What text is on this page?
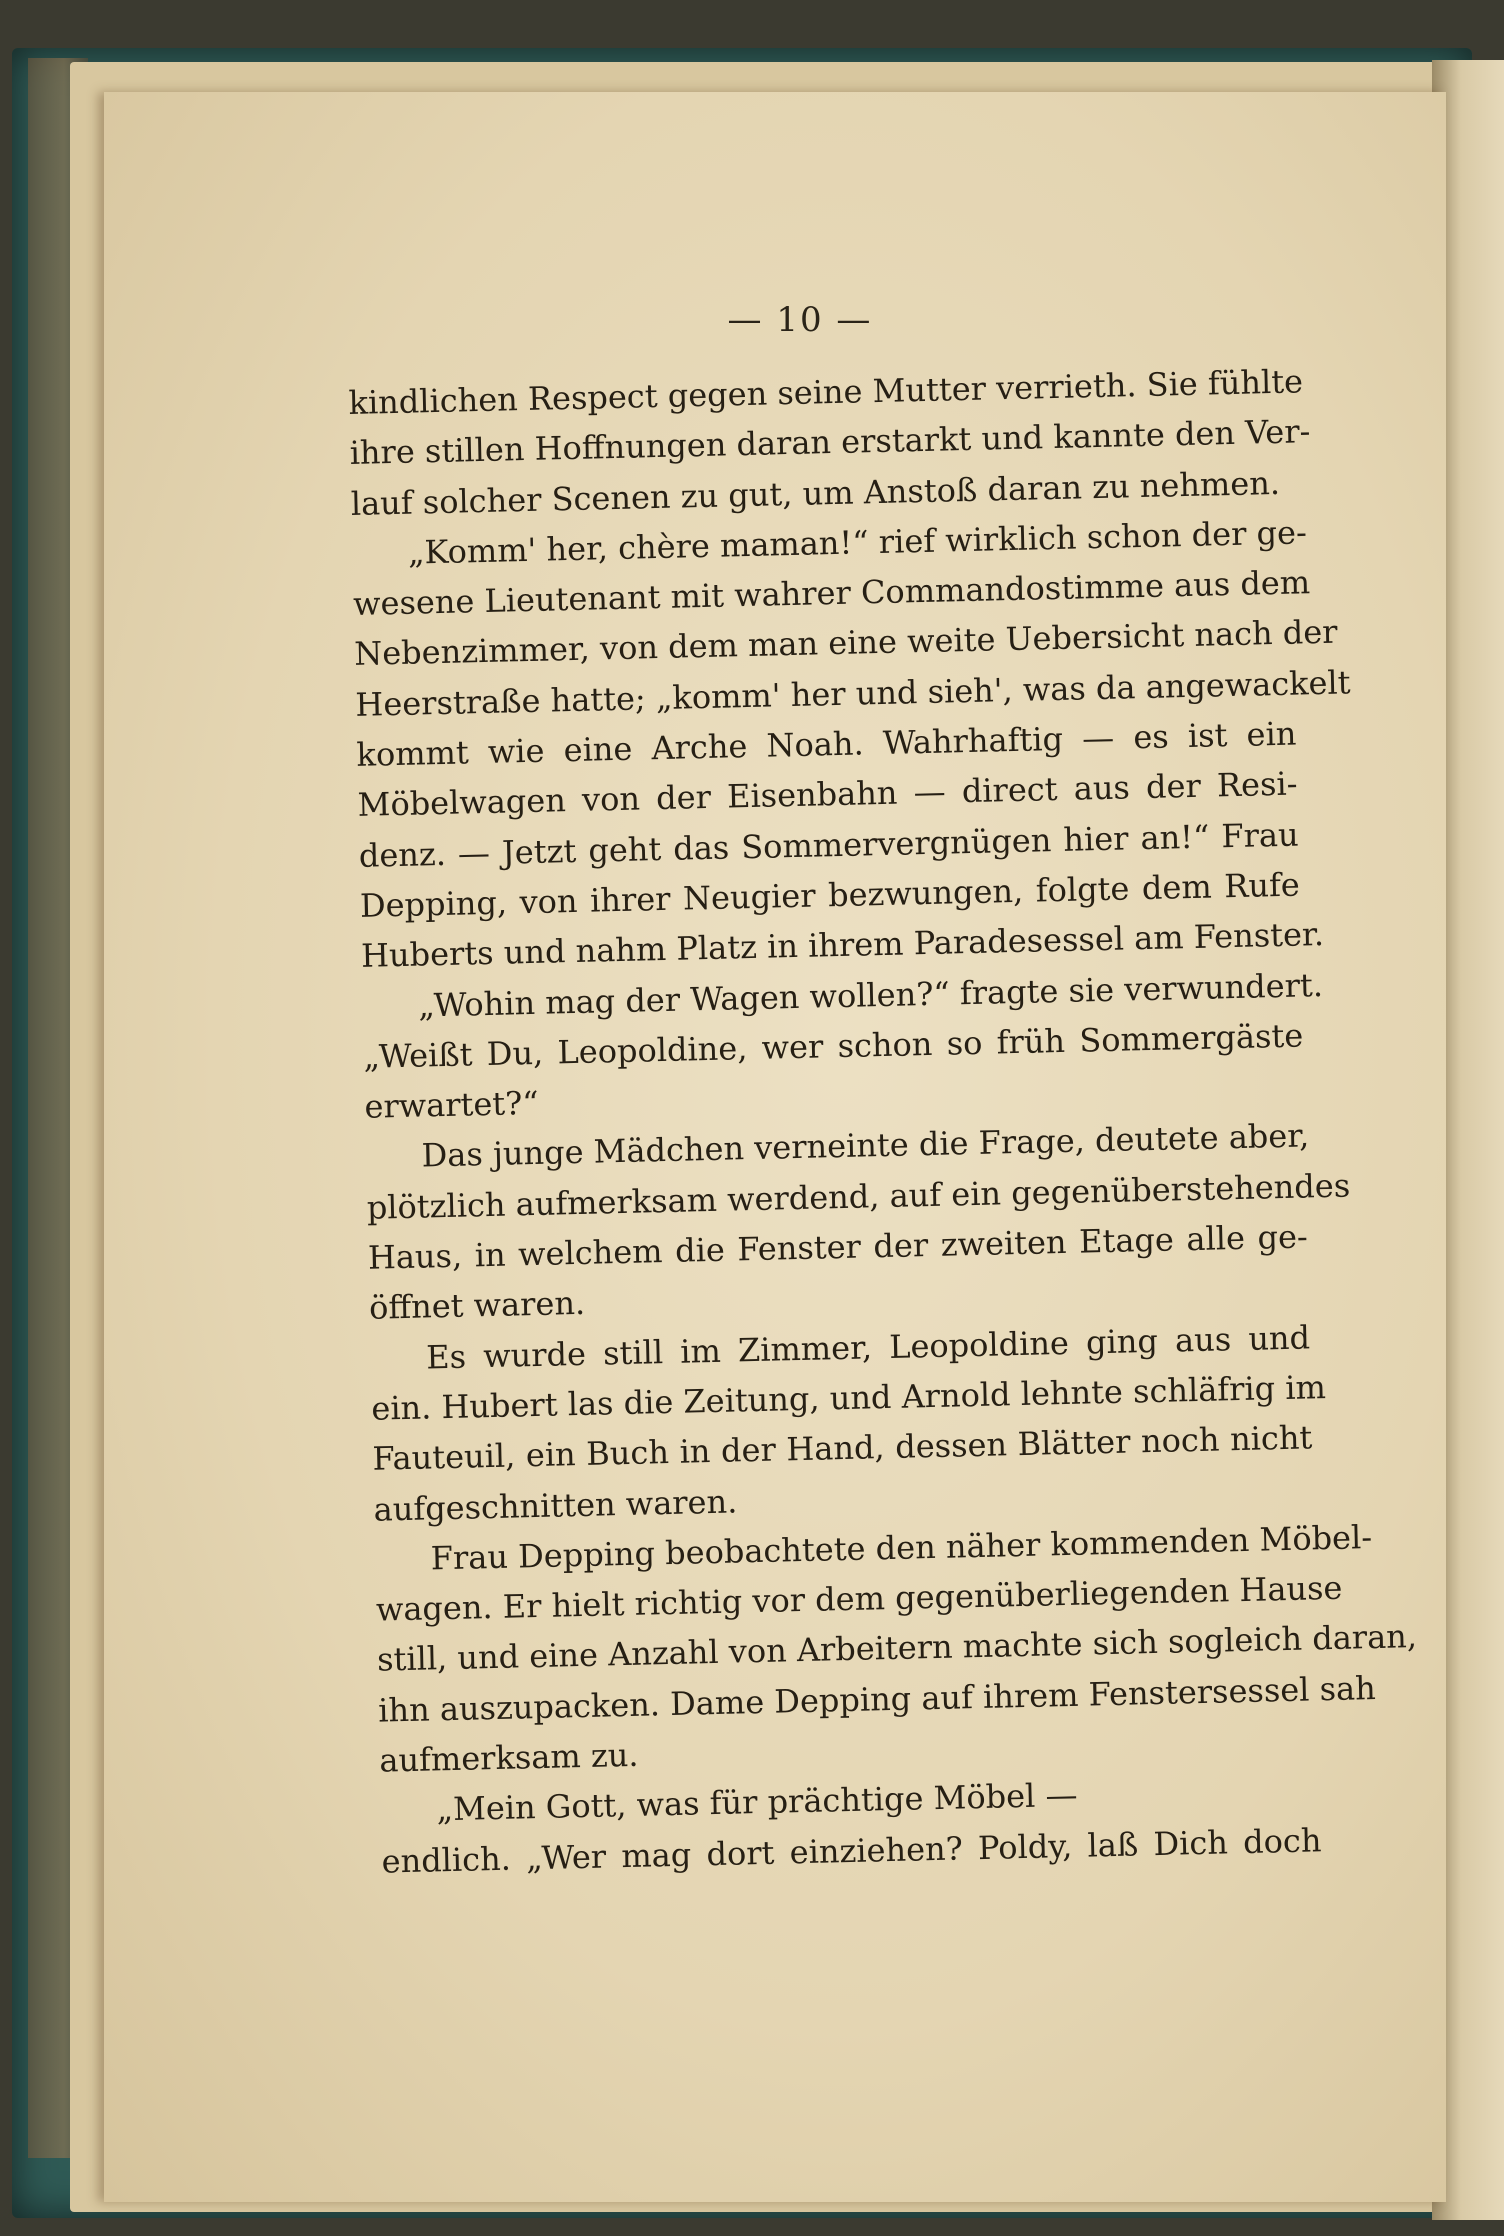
— 10 —
kindlichen Respect gegen seine Mutter verrieth. Sie fühlte
ihre stillen Hoffnungen daran erstarkt und kannte den Ver-
lauf solcher Scenen zu gut, um Anstoß daran zu nehmen.
„Komm' her, chère maman!“ rief wirklich schon der ge-
wesene Lieutenant mit wahrer Commandostimme aus dem
Nebenzimmer, von dem man eine weite Uebersicht nach der
Heerstraße hatte; „komm' her und sieh', was da angewackelt
kommt wie eine Arche Noah. Wahrhaftig — es ist ein
Möbelwagen von der Eisenbahn — direct aus der Resi-
denz. — Jetzt geht das Sommervergnügen hier an!“ Frau
Depping, von ihrer Neugier bezwungen, folgte dem Rufe
Huberts und nahm Platz in ihrem Paradesessel am Fenster.
„Wohin mag der Wagen wollen?“ fragte sie verwundert.
„Weißt Du, Leopoldine, wer schon so früh Sommergäste
erwartet?“
Das junge Mädchen verneinte die Frage, deutete aber,
plötzlich aufmerksam werdend, auf ein gegenüberstehendes
Haus, in welchem die Fenster der zweiten Etage alle ge-
öffnet waren.
Es wurde still im Zimmer, Leopoldine ging aus und
ein. Hubert las die Zeitung, und Arnold lehnte schläfrig im
Fauteuil, ein Buch in der Hand, dessen Blätter noch nicht
aufgeschnitten waren.
Frau Depping beobachtete den näher kommenden Möbel-
wagen. Er hielt richtig vor dem gegenüberliegenden Hause
still, und eine Anzahl von Arbeitern machte sich sogleich daran,
ihn auszupacken. Dame Depping auf ihrem Fenstersessel sah
aufmerksam zu.
„Mein Gott, was für prächtige Möbel —
endlich. „Wer mag dort einziehen? Poldy, laß Dich doch
